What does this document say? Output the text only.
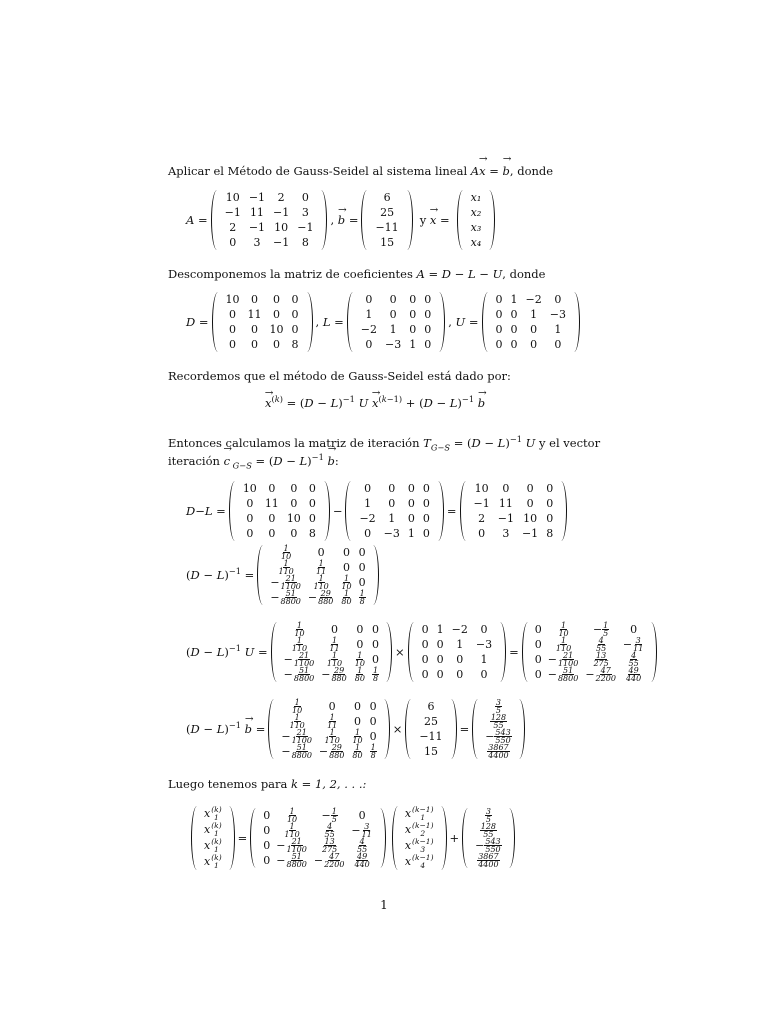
Aplicar el Método de Gauss-Seidel al sistema lineal A→ x = → b, donde
A =
10	−1	2	0
−1	11	−1	3
2	−1	10	−1
0	3	−1	8
, → b =
6
25
−11
15
y → x =
x₁
x₂
x₃
x₄
Descomponemos la matriz de coeficientes A = D − L − U, donde
D =
10	0	0	0
0	11	0	0
0	0	10	0
0	0	0	8
, L =
0	0	0	0
1	0	0	0
−2	1	0	0
0	−3	1	0
, U =
0	1	−2	0
0	0	1	−3
0	0	0	1
0	0	0	0
Recordemos que el método de Gauss-Seidel está dado por:
→ $x^{(k)} = (D - L)^{-1}$ $U \to x^{(k-1)} + (D - L)^{-1} \to b$
Entonces calculamos la matriz de iteración $T_{G-S} = (D - L)^{-1}$ U y el vector
iteración → c $_{G-S} = (D - L)^{-1} \to b$:
D−L =
10	0	0	0
0	11	0	0
0	0	10	0
0	0	0	8
−
0	0	0	0
1	0	0	0
−2	1	0	0
0	−3	1	0
=
10	0	0	0
−1	11	0	0
2	−1	10	0
0	3	−1	8
$(D - L)^{-1}$ =
$\frac{1}{10}$	0	0	0

$\frac{1}{110}$	$\frac{1}{11}$	0	0
− $\frac{21}{1100}$	$\frac{1}{110}$	$\frac{1}{10}$	0
− $\frac{51}{8800}$	− $\frac{29}{880}$	$\frac{1}{80}$	$\frac{1}{8}$
$(D - L)^{-1}$ U =
$\frac{1}{10}$	0	0	0

$\frac{1}{110}$	$\frac{1}{11}$	0	0
− $\frac{21}{1100}$	$\frac{1}{110}$	$\frac{1}{10}$	0
− $\frac{51}{8800}$	− $\frac{29}{880}$	$\frac{1}{80}$	$\frac{1}{8}$
×
0	1	−2	0
0	0	1	−3
0	0	0	1
0	0	0	0
=
0	$\frac{1}{10}$	− $\frac{1}{5}$	0
0	$\frac{1}{110}$	$\frac{4}{55}$	− $\frac{3}{11}$

0	− $\frac{21}{1100}$	$\frac{13}{275}$	$\frac{4}{55}$

0	− $\frac{51}{8800}$	− $\frac{47}{2200}$	$\frac{49}{440}$
$(D - L)^{-1} \to b$ =
$\frac{1}{10}$	0	0	0

$\frac{1}{110}$	$\frac{1}{11}$	0	0
− $\frac{21}{1100}$	$\frac{1}{110}$	$\frac{1}{10}$	0
− $\frac{51}{8800}$	− $\frac{29}{880}$	$\frac{1}{80}$	$\frac{1}{8}$
×
6
25
−11
15
=
$\frac{3}{5}$

$\frac{128}{55}$

− $\frac{543}{550}$

$\frac{3867}{4400}$
Luego tenemos para k = 1, 2, . . .:
x (k)
1

x (k)
1

x (k)
1

x (k)
1
=
0	$\frac{1}{10}$	− $\frac{1}{5}$	0
0	$\frac{1}{110}$	$\frac{4}{55}$	− $\frac{3}{11}$

0	− $\frac{21}{1100}$	$\frac{13}{275}$	$\frac{4}{55}$

0	− $\frac{51}{8800}$	− $\frac{47}{2200}$	$\frac{49}{440}$
x (k−1)
1

x (k−1)
2

x (k−1)
3

x (k−1)
4
+
$\frac{3}{5}$

$\frac{128}{55}$

− $\frac{543}{550}$

$\frac{3867}{4400}$
1
